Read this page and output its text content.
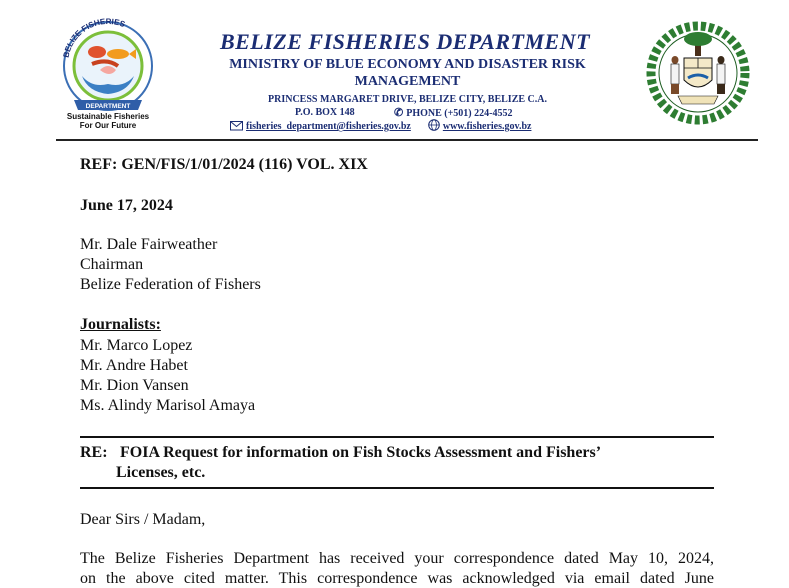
BELIZE FISHERIES
DEPARTMENT
Sustainable Fisheries
For Our Future
BELIZE FISHERIES DEPARTMENT
MINISTRY OF BLUE ECONOMY AND DISASTER RISK
MANAGEMENT
PRINCESS MARGARET DRIVE, BELIZE CITY, BELIZE C.A.
P.O. BOX 148	✆ PHONE (+501) 224-4552
fisheries_department@fisheries.gov.bz	www.fisheries.gov.bz
REF: GEN/FIS/1/01/2024 (116) VOL. XIX
June 17, 2024
Mr. Dale Fairweather
Chairman
Belize Federation of Fishers
Journalists:
Mr. Marco Lopez
Mr. Andre Habet
Mr. Dion Vansen
Ms. Alindy Marisol Amaya
RE: FOIA Request for information on Fish Stocks Assessment and Fishers’
Licenses, etc.
Dear Sirs / Madam,
The Belize Fisheries Department has received your correspondence dated May 10, 2024,
on the above cited matter. This correspondence was acknowledged via email dated June
